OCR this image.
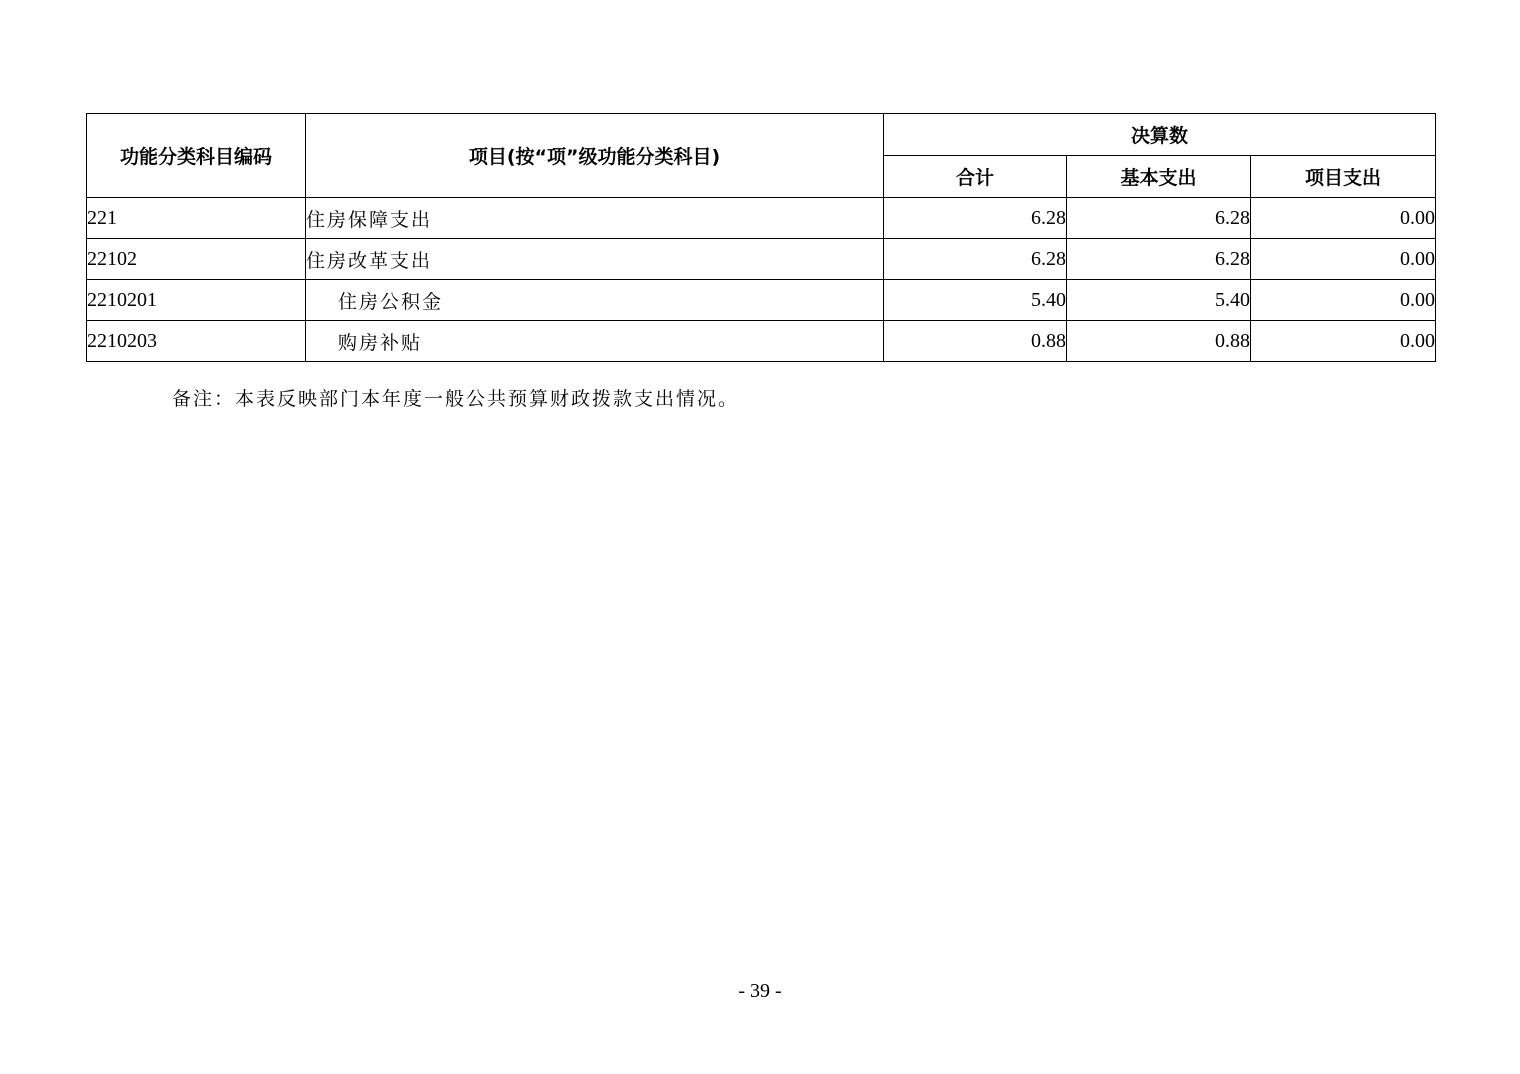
功能分类科目编码	项目(按“项”级功能分类科目)	决算数		
		合计	基本支出	项目支出
221	住房保障支出	6.28	6.28	0.00
22102	住房改革支出	6.28	6.28	0.00
2210201	住房公积金	5.40	5.40	0.00
2210203	购房补贴	0.88	0.88	0.00
备注：本表反映部门本年度一般公共预算财政拨款支出情况。
- 39 -
